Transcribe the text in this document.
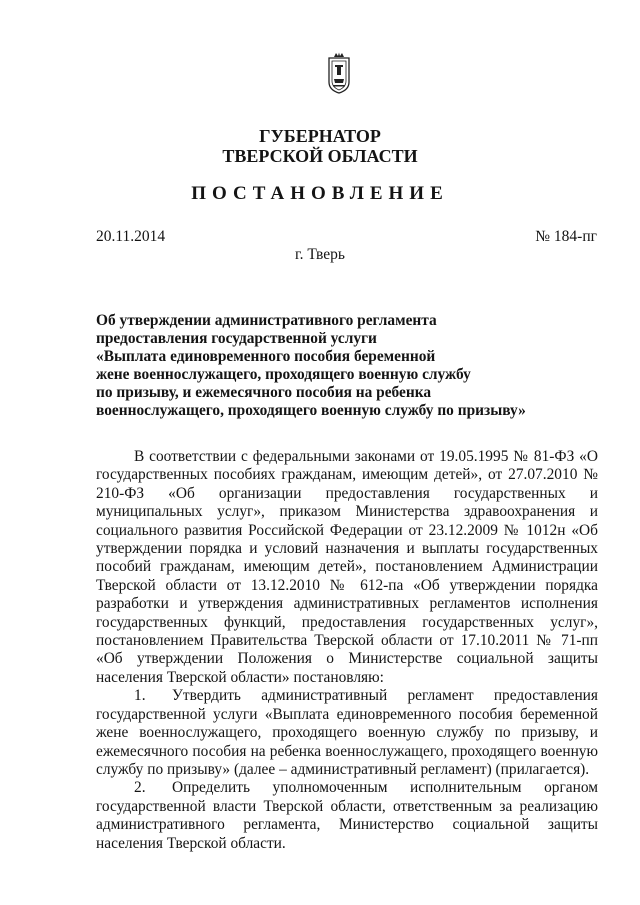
ГУБЕРНАТОР
ТВЕРСКОЙ ОБЛАСТИ
ПОСТАНОВЛЕНИЕ
20.11.2014	№ 184-пг
г. Тверь
Об утверждении административного регламента
предоставления государственной услуги
«Выплата единовременного пособия беременной
жене военнослужащего, проходящего военную службу
по призыву, и ежемесячного пособия на ребенка
военнослужащего, проходящего военную службу по призыву»

В соответствии с федеральными законами от 19.05.1995 № 81-ФЗ «О государственных пособиях гражданам, имеющим детей», от 27.07.2010 № 210-ФЗ «Об организации предоставления государственных и муниципальных услуг», приказом Министерства здравоохранения и социального развития Российской Федерации от 23.12.2009 № 1012н «Об утверждении порядка и условий назначения и выплаты государственных пособий гражданам, имеющим детей», постановлением Администрации Тверской области от 13.12.2010 № 612-па «Об утверждении порядка разработки и утверждения административных регламентов исполнения государственных функций, предоставления государственных услуг», постановлением Правительства Тверской области от 17.10.2011 № 71-пп «Об утверждении Положения о Министерстве социальной защиты населения Тверской области» постановляю:

1. Утвердить административный регламент предоставления государственной услуги «Выплата единовременного пособия беременной жене военнослужащего, проходящего военную службу по призыву, и ежемесячного пособия на ребенка военнослужащего, проходящего военную службу по призыву» (далее – административный регламент) (прилагается).

2. Определить уполномоченным исполнительным органом государственной власти Тверской области, ответственным за реализацию административного регламента, Министерство социальной защиты населения Тверской области.
